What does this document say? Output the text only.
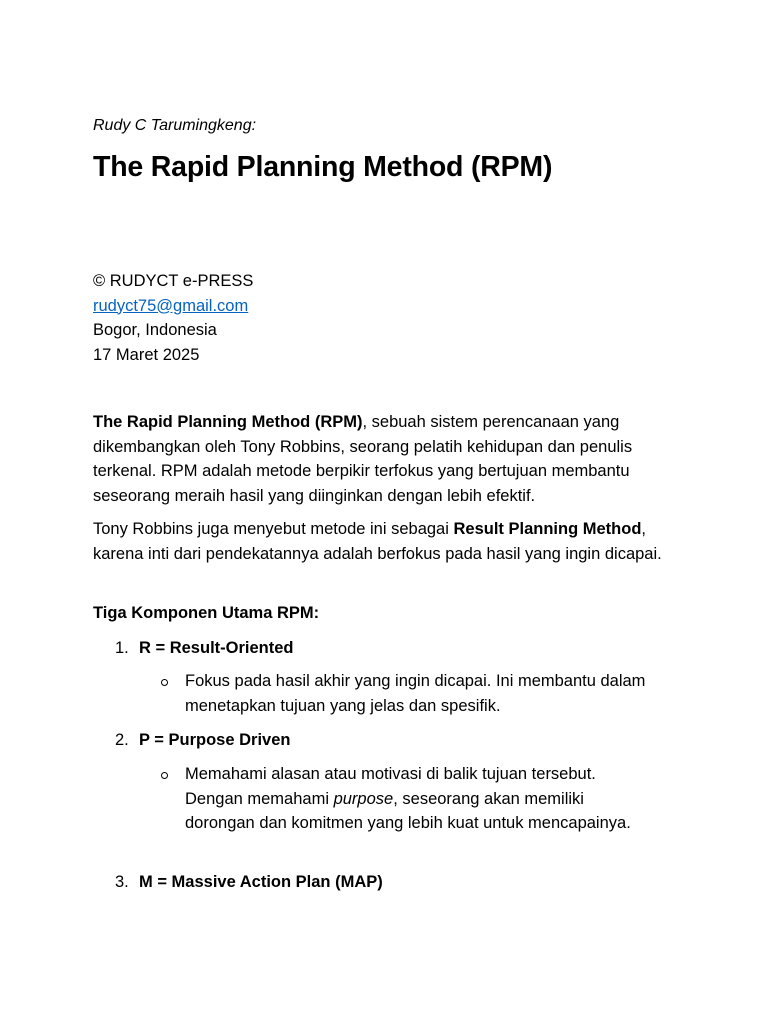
Rudy C Tarumingkeng:
The Rapid Planning Method (RPM)
© RUDYCT e-PRESS
rudyct75@gmail.com
Bogor, Indonesia
17 Maret 2025

The Rapid Planning Method (RPM), sebuah sistem perencanaan yang dikembangkan oleh Tony Robbins, seorang pelatih kehidupan dan penulis terkenal. RPM adalah metode berpikir terfokus yang bertujuan membantu seseorang meraih hasil yang diinginkan dengan lebih efektif.

Tony Robbins juga menyebut metode ini sebagai Result Planning Method, karena inti dari pendekatannya adalah berfokus pada hasil yang ingin dicapai.

Tiga Komponen Utama RPM:
1. R = Result-Oriented
Fokus pada hasil akhir yang ingin dicapai. Ini membantu dalam menetapkan tujuan yang jelas dan spesifik.
2. P = Purpose Driven
Memahami alasan atau motivasi di balik tujuan tersebut. Dengan memahami purpose, seseorang akan memiliki dorongan dan komitmen yang lebih kuat untuk mencapainya.
3. M = Massive Action Plan (MAP)
